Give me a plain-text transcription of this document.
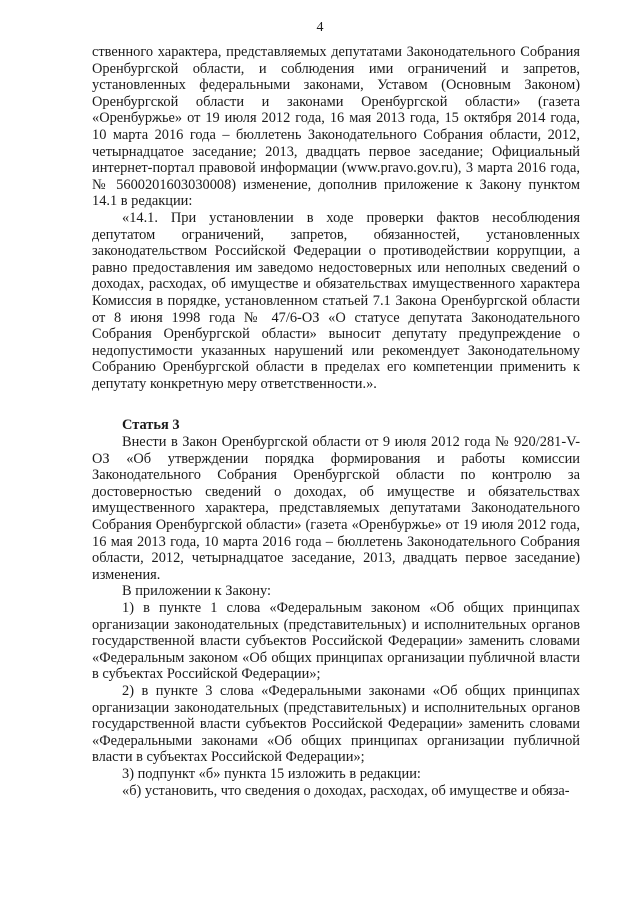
4

ственного характера, представляемых депутатами Законодательного Собрания Оренбургской области, и соблюдения ими ограничений и запретов, установленных федеральными законами, Уставом (Основным Законом) Оренбургской области и законами Оренбургской области» (газета «Оренбуржье» от 19 июля 2012 года, 16 мая 2013 года, 15 октября 2014 года, 10 марта 2016 года – бюллетень Законодательного Собрания области, 2012, четырнадцатое заседание; 2013, двадцать первое заседание; Официальный интернет-портал правовой информации (www.pravo.gov.ru), 3 марта 2016 года, № 5600201603030008) изменение, дополнив приложение к Закону пунктом 14.1 в редакции:

«14.1. При установлении в ходе проверки фактов несоблюдения депутатом ограничений, запретов, обязанностей, установленных законодательством Российской Федерации о противодействии коррупции, а равно предоставления им заведомо недостоверных или неполных сведений о доходах, расходах, об имуществе и обязательствах имущественного характера Комиссия в порядке, установленном статьей 7.1 Закона Оренбургской области от 8 июня 1998 года № 47/6-ОЗ «О статусе депутата Законодательного Собрания Оренбургской области» выносит депутату предупреждение о недопустимости указанных нарушений или рекомендует Законодательному Собранию Оренбургской области в пределах его компетенции применить к депутату конкретную меру ответственности.».

Статья 3

Внести в Закон Оренбургской области от 9 июля 2012 года № 920/281-V-ОЗ «Об утверждении порядка формирования и работы комиссии Законодательного Собрания Оренбургской области по контролю за достоверностью сведений о доходах, об имуществе и обязательствах имущественного характера, представляемых депутатами Законодательного Собрания Оренбургской области» (газета «Оренбуржье» от 19 июля 2012 года, 16 мая 2013 года, 10 марта 2016 года – бюллетень Законодательного Собрания области, 2012, четырнадцатое заседание, 2013, двадцать первое заседание) изменения.

В приложении к Закону:

1) в пункте 1 слова «Федеральным законом «Об общих принципах организации законодательных (представительных) и исполнительных органов государственной власти субъектов Российской Федерации» заменить словами «Федеральным законом «Об общих принципах организации публичной власти в субъектах Российской Федерации»;

2) в пункте 3 слова «Федеральными законами «Об общих принципах организации законодательных (представительных) и исполнительных органов государственной власти субъектов Российской Федерации» заменить словами «Федеральными законами «Об общих принципах организации публичной власти в субъектах Российской Федерации»;

3) подпункт «б» пункта 15 изложить в редакции:

«б) установить, что сведения о доходах, расходах, об имуществе и обяза-
